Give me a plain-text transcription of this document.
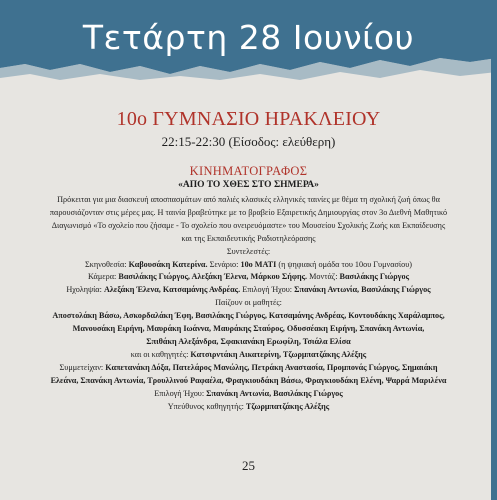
Τετάρτη 28 Ιουνίου
10ο ΓΥΜΝΑΣΙΟ ΗΡΑΚΛΕΙΟΥ
22:15-22:30 (Είσοδος: ελεύθερη)
ΚΙΝΗΜΑΤΟΓΡΑΦΟΣ
«ΑΠΟ ΤΟ ΧΘΕΣ ΣΤΟ ΣΗΜΕΡΑ»

Πρόκειται για μια διασκευή αποσπασμάτων από παλιές κλασικές ελληνικές ταινίες με θέμα τη σχολική ζωή όπως θα

παρουσιάζονταν στις μέρες μας. Η ταινία βραβεύτηκε με το βραβείο Εξαιρετικής Δημιουργίας στον 3ο Διεθνή Μαθητικό

Διαγωνισμό «Το σχολείο που ζήσαμε - Το σχολείο που ονειρευόμαστε» του Μουσείου Σχολικής Ζωής και Εκπαίδευσης

και της Εκπαιδευτικής Ραδιοτηλεόρασης

Συντελεστές:

Σκηνοθεσία: Καβουσάκη Κατερίνα. Σενάριο: 10ο ΜΑΤΙ (η ψηφιακή ομάδα του 10ου Γυμνασίου)

Κάμερα: Βασιλάκης Γιώργος, Αλεξάκη Έλενα, Μάρκου Σήφης. Μοντάζ: Βασιλάκης Γιώργος

Ηχοληψία: Αλεξάκη Έλενα, Κατσαμάνης Ανδρέας. Επιλογή Ήχου: Σπανάκη Αντωνία, Βασιλάκης Γιώργος

Παίζουν οι μαθητές:

Αποστολάκη Βάσω, Ασκορδαλάκη Έφη, Βασιλάκης Γιώργος, Κατσαμάνης Ανδρέας, Κοντουδάκης Χαράλαμπος,

Μανουσάκη Ειρήνη, Μαυράκη Ιωάννα, Μαυράκης Σταύρος, Οδυσσέακη Ειρήνη, Σπανάκη Αντωνία,

Σπιθάκη Αλεξάνδρα, Σφακιανάκη Ερωφίλη, Τσιάλα Ελίσα

και οι καθηγητές: Κατσιρντάκη Αικατερίνη, Τζωρμπατζάκης Αλέξης

Συμμετείχαν: Καπετανάκη Δόξα, Πατελάρος Μανώλης, Πετράκη Αναστασία, Προμπονάς Γιώργος, Σημαιάκη

Ελεάνα, Σπανάκη Αντωνία, Τρουλλινού Ραφαέλα, Φραγκιουδάκη Βάσω, Φραγκιουδάκη Ελένη, Ψαρρά Μαριλένα

Επιλογή Ήχου: Σπανάκη Αντωνία, Βασιλάκης Γιώργος

Υπεύθυνος καθηγητής: Τζωρμπατζάκης Αλέξης

25
